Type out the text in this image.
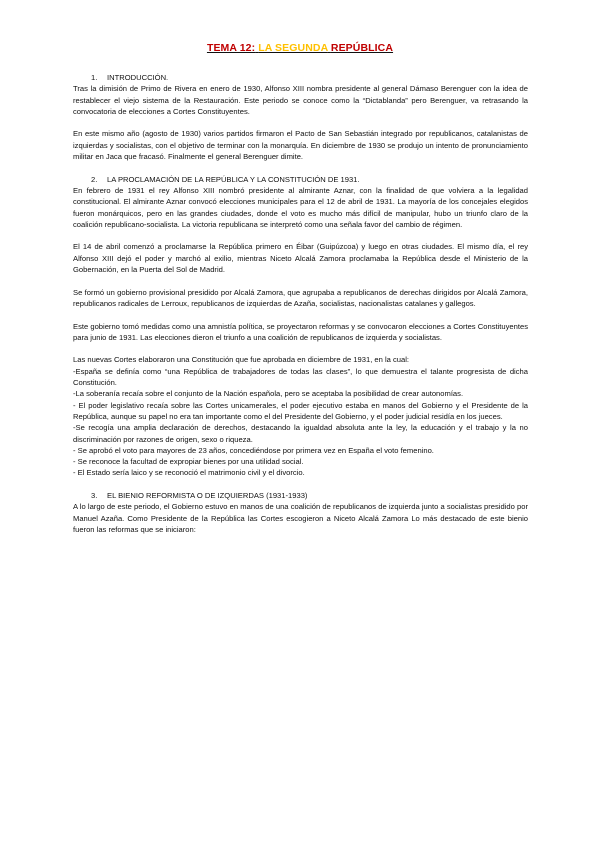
TEMA 12: LA SEGUNDA REPÚBLICA
1. INTRODUCCIÓN.

Tras la dimisión de Primo de Rivera en enero de 1930, Alfonso XIII nombra presidente al general Dámaso Berenguer con la idea de restablecer el viejo sistema de la Restauración. Este periodo se conoce como la “Dictablanda” pero Berenguer, va retrasando la convocatoria de elecciones a Cortes Constituyentes.

En este mismo año (agosto de 1930) varios partidos firmaron el Pacto de San Sebastián integrado por republicanos, catalanistas de izquierdas y socialistas, con el objetivo de terminar con la monarquía. En diciembre de 1930 se produjo un intento de pronunciamiento militar en Jaca que fracasó. Finalmente el general Berenguer dimite.

2. LA PROCLAMACIÓN DE LA REPÚBLICA Y LA CONSTITUCIÓN DE 1931.

En febrero de 1931 el rey Alfonso XIII nombró presidente al almirante Aznar, con la finalidad de que volviera a la legalidad constitucional. El almirante Aznar convocó elecciones municipales para el 12 de abril de 1931. La mayoría de los concejales elegidos fueron monárquicos, pero en las grandes ciudades, donde el voto es mucho más difícil de manipular, hubo un triunfo claro de la coalición republicano-socialista. La victoria republicana se interpretó como una señala favor del cambio de régimen.

El 14 de abril comenzó a proclamarse la República primero en Éibar (Guipúzcoa) y luego en otras ciudades. El mismo día, el rey Alfonso XIII dejó el poder y marchó al exilio, mientras Niceto Alcalá Zamora proclamaba la República desde el Ministerio de la Gobernación, en la Puerta del Sol de Madrid.

Se formó un gobierno provisional presidido por Alcalá Zamora, que agrupaba a republicanos de derechas dirigidos por Alcalá Zamora, republicanos radicales de Lerroux, republicanos de izquierdas de Azaña, socialistas, nacionalistas catalanes y gallegos.

Este gobierno tomó medidas como una amnistía política, se proyectaron reformas y se convocaron elecciones a Cortes Constituyentes para junio de 1931. Las elecciones dieron el triunfo a una coalición de republicanos de izquierda y socialistas.

Las nuevas Cortes elaboraron una Constitución que fue aprobada en diciembre de 1931, en la cual:

-España se definía como “una República de trabajadores de todas las clases”, lo que demuestra el talante progresista de dicha Constitución.

-La soberanía recaía sobre el conjunto de la Nación española, pero se aceptaba la posibilidad de crear autonomías.

- El poder legislativo recaía sobre las Cortes unicamerales, el poder ejecutivo estaba en manos del Gobierno y el Presidente de la República, aunque su papel no era tan importante como el del Presidente del Gobierno, y el poder judicial residía en los jueces.

-Se recogía una amplia declaración de derechos, destacando la igualdad absoluta ante la ley, la educación y el trabajo y la no discriminación por razones de origen, sexo o riqueza.

- Se aprobó el voto para mayores de 23 años, concediéndose por primera vez en España el voto femenino.

- Se reconoce la facultad de expropiar bienes por una utilidad social.

- El Estado sería laico y se reconoció el matrimonio civil y el divorcio.

3. EL BIENIO REFORMISTA O DE IZQUIERDAS (1931-1933)

A lo largo de este periodo, el Gobierno estuvo en manos de una coalición de republicanos de izquierda junto a socialistas presidido por Manuel Azaña. Como Presidente de la República las Cortes escogieron a Niceto Alcalá Zamora Lo más destacado de este bienio fueron las reformas que se iniciaron:
